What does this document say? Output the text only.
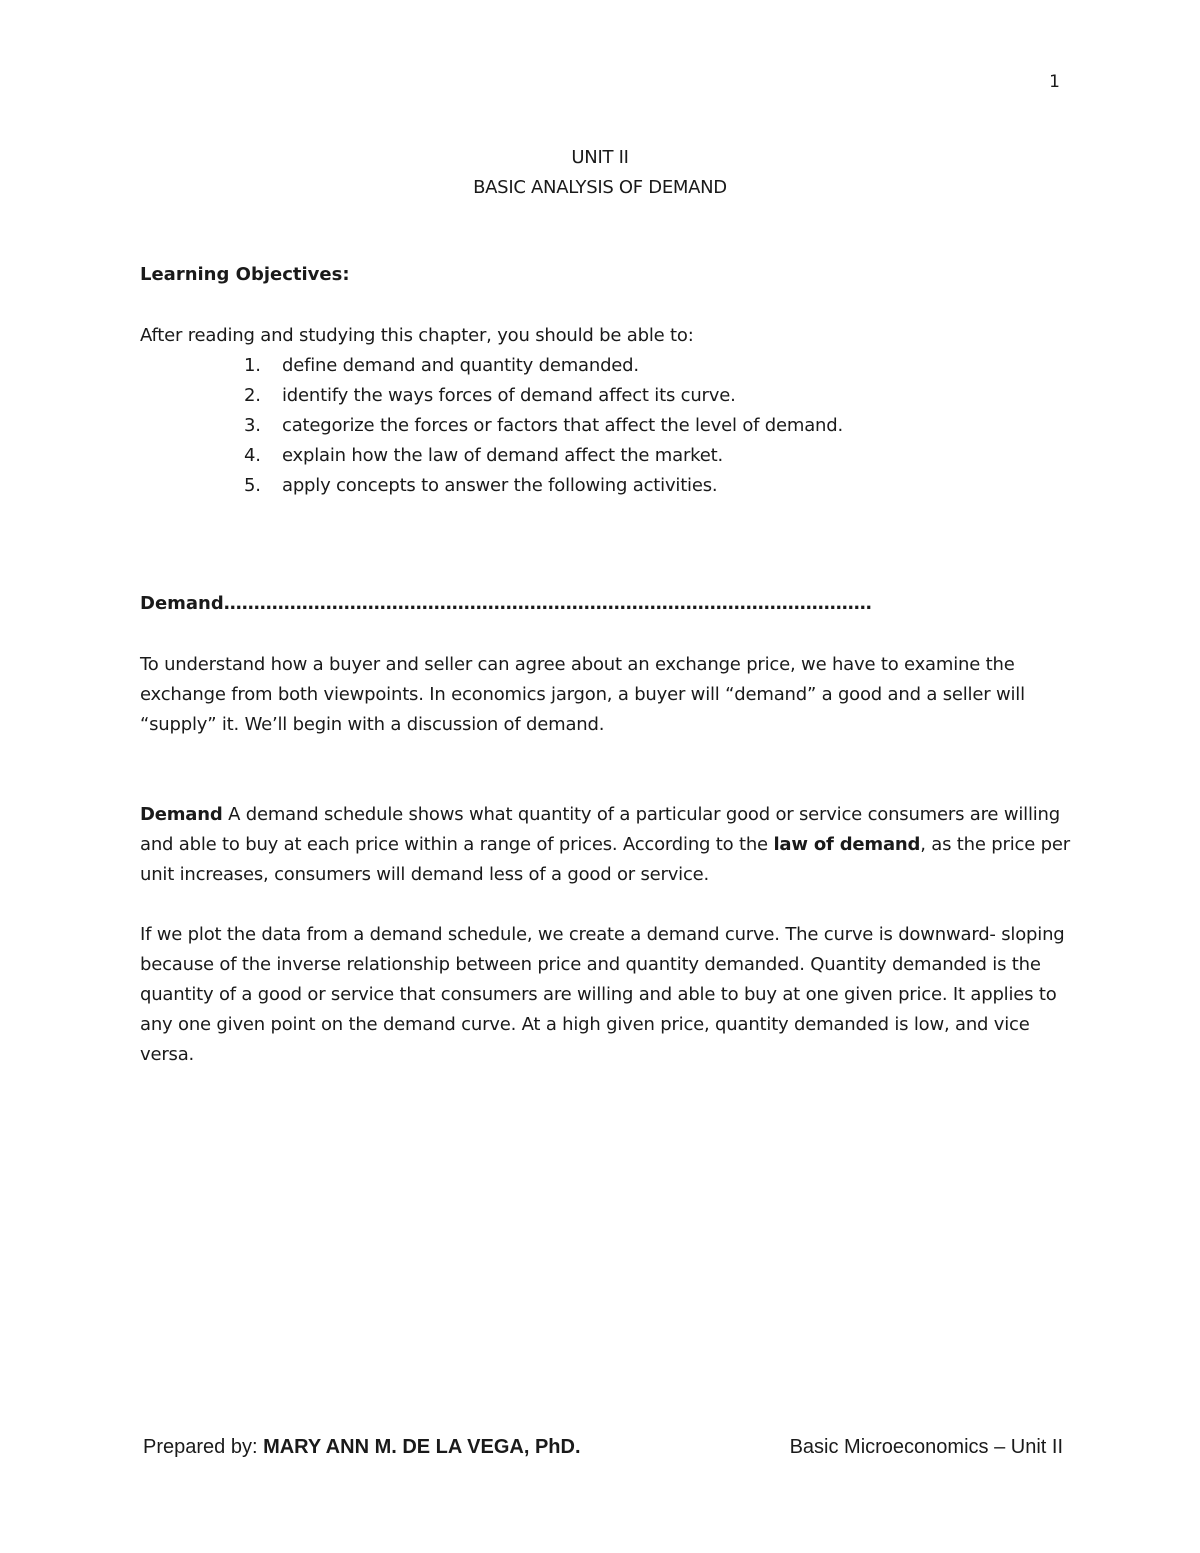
1
UNIT II
BASIC ANALYSIS OF DEMAND
Learning Objectives:

After reading and studying this chapter, you should be able to:

1.	define demand and quantity demanded.
2.	identify the ways forces of demand affect its curve.
3.	categorize the forces or factors that affect the level of demand.
4.	explain how the law of demand affect the market.
5.	apply concepts to answer the following activities.
Demand………………………………………………………………………………………………

To understand how a buyer and seller can agree about an exchange price, we have to examine the exchange from both viewpoints. In economics jargon, a buyer will “demand” a good and a seller will “supply” it. We’ll begin with a discussion of demand.

Demand A demand schedule shows what quantity of a particular good or service consumers are willing and able to buy at each price within a range of prices. According to the law of demand, as the price per unit increases, consumers will demand less of a good or service.

If we plot the data from a demand schedule, we create a demand curve. The curve is downward- sloping because of the inverse relationship between price and quantity demanded. Quantity demanded is the quantity of a good or service that consumers are willing and able to buy at one given price. It applies to any one given point on the demand curve. At a high given price, quantity demanded is low, and vice versa.

Prepared by: MARY ANN M. DE LA VEGA, PhD.	Basic Microeconomics – Unit II
